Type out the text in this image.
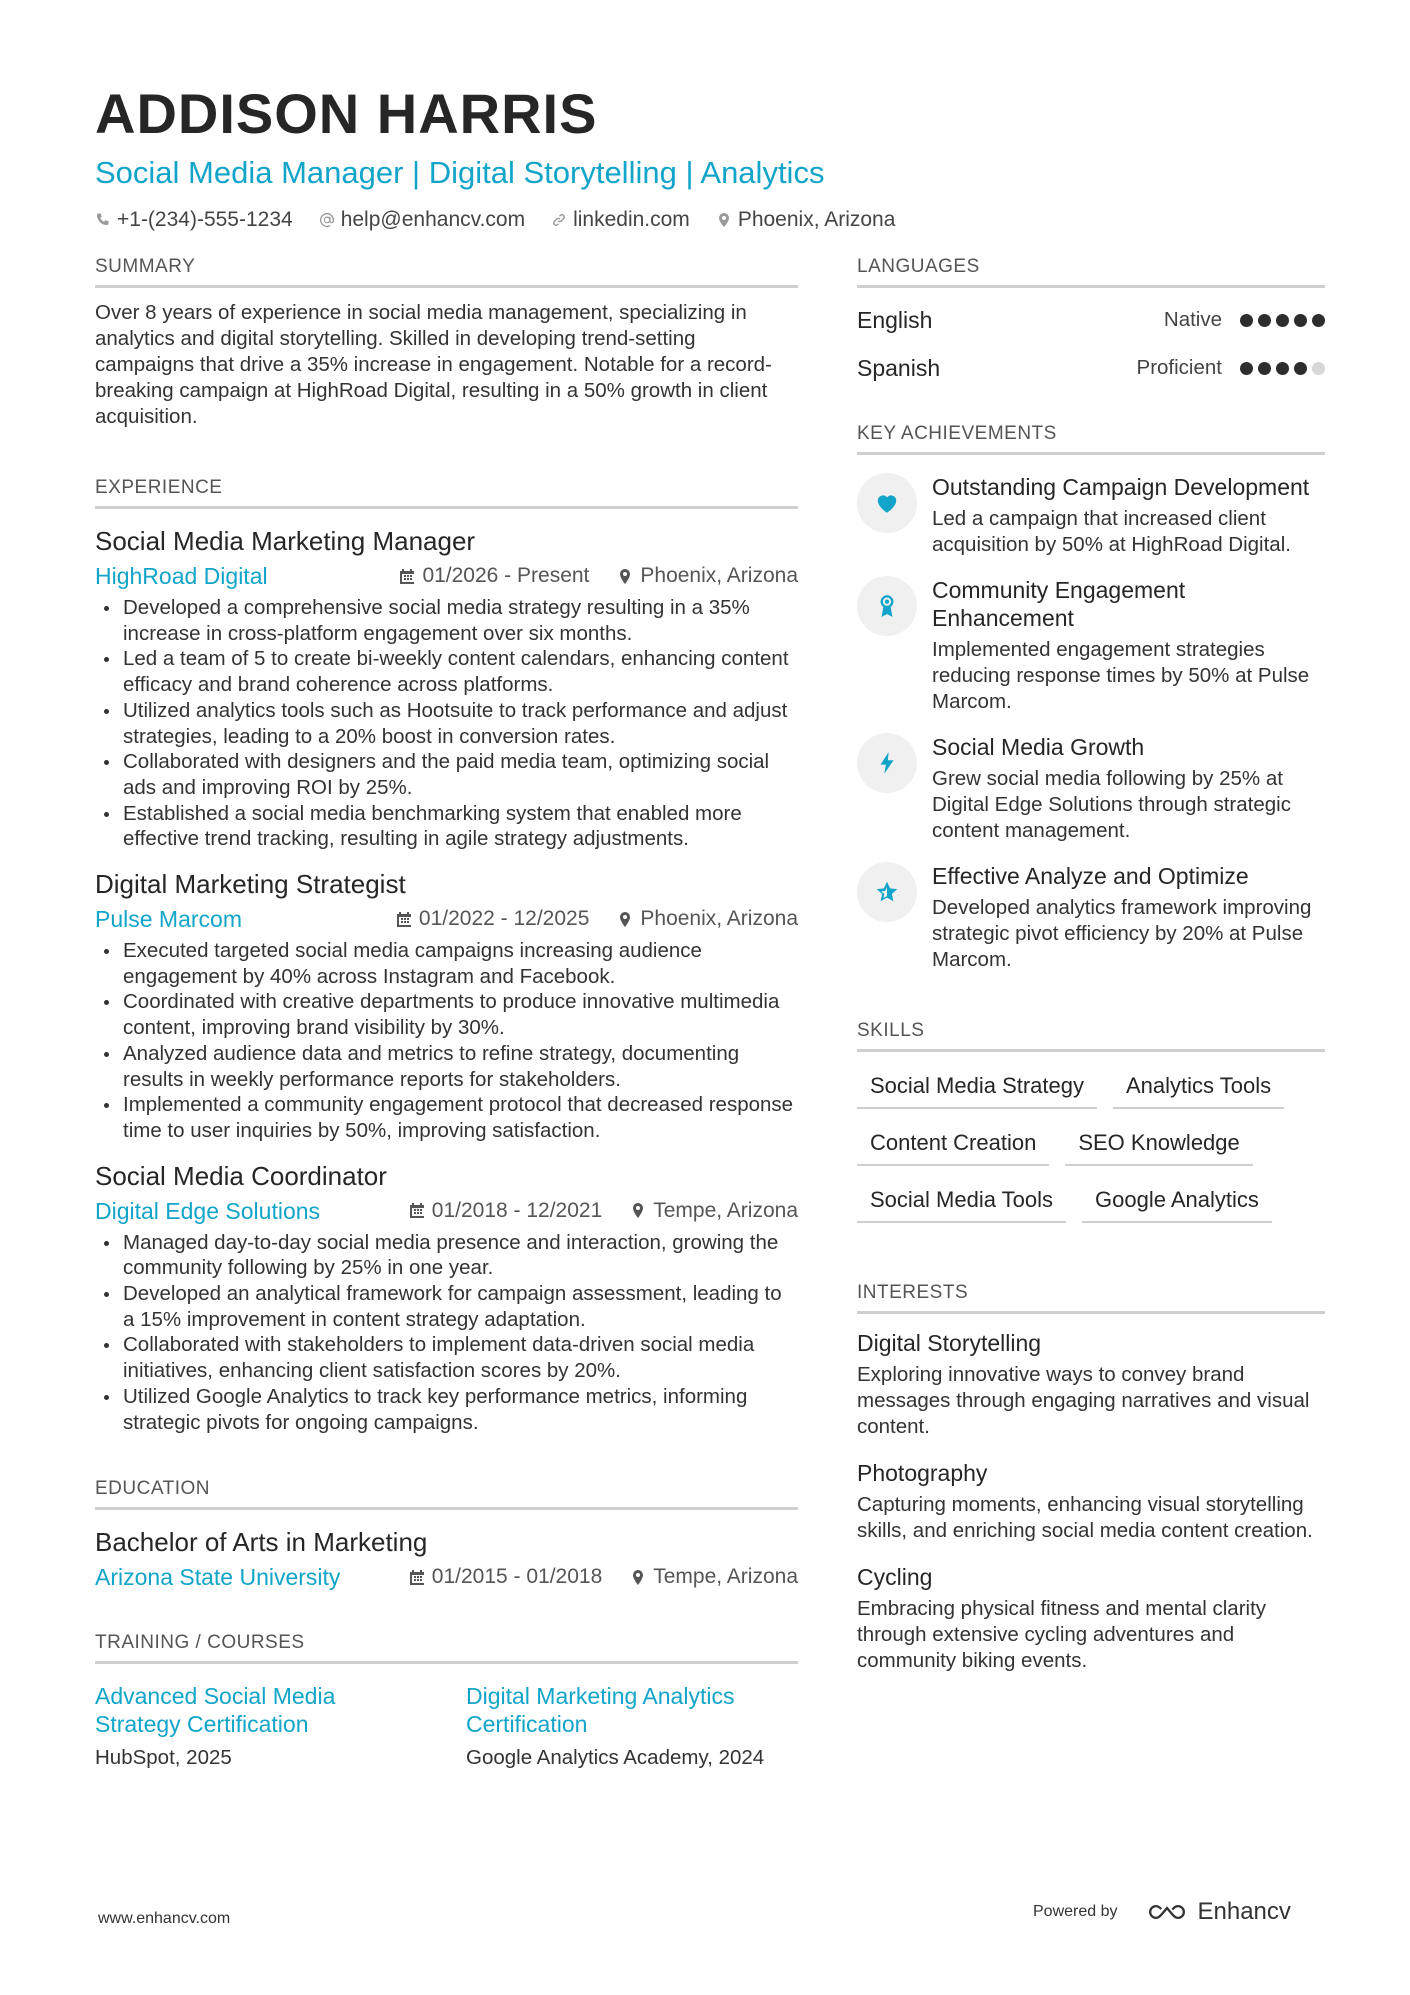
ADDISON HARRIS
Social Media Manager | Digital Storytelling | Analytics
+1-(234)-555-1234 help@enhancv.com linkedin.com Phoenix, Arizona
SUMMARY
Over 8 years of experience in social media management, specializing in analytics and digital storytelling. Skilled in developing trend-setting campaigns that drive a 35% increase in engagement. Notable for a record-breaking campaign at HighRoad Digital, resulting in a 50% growth in client acquisition.
EXPERIENCE
Social Media Marketing Manager
HighRoad Digital	01/2026 - Present Phoenix, Arizona
Developed a comprehensive social media strategy resulting in a 35% increase in cross-platform engagement over six months.
Led a team of 5 to create bi-weekly content calendars, enhancing content efficacy and brand coherence across platforms.
Utilized analytics tools such as Hootsuite to track performance and adjust strategies, leading to a 20% boost in conversion rates.
Collaborated with designers and the paid media team, optimizing social ads and improving ROI by 25%.
Established a social media benchmarking system that enabled more effective trend tracking, resulting in agile strategy adjustments.
Digital Marketing Strategist
Pulse Marcom	01/2022 - 12/2025 Phoenix, Arizona
Executed targeted social media campaigns increasing audience engagement by 40% across Instagram and Facebook.
Coordinated with creative departments to produce innovative multimedia content, improving brand visibility by 30%.
Analyzed audience data and metrics to refine strategy, documenting results in weekly performance reports for stakeholders.
Implemented a community engagement protocol that decreased response time to user inquiries by 50%, improving satisfaction.
Social Media Coordinator
Digital Edge Solutions	01/2018 - 12/2021 Tempe, Arizona
Managed day-to-day social media presence and interaction, growing the community following by 25% in one year.
Developed an analytical framework for campaign assessment, leading to a 15% improvement in content strategy adaptation.
Collaborated with stakeholders to implement data-driven social media initiatives, enhancing client satisfaction scores by 20%.
Utilized Google Analytics to track key performance metrics, informing strategic pivots for ongoing campaigns.
EDUCATION
Bachelor of Arts in Marketing
Arizona State University	01/2015 - 01/2018 Tempe, Arizona
TRAINING / COURSES
Advanced Social Media Strategy Certification
HubSpot, 2025
Digital Marketing Analytics Certification
Google Analytics Academy, 2024
LANGUAGES
English	Native
Spanish	Proficient
KEY ACHIEVEMENTS
Outstanding Campaign Development
Led a campaign that increased client acquisition by 50% at HighRoad Digital.
Community Engagement Enhancement
Implemented engagement strategies reducing response times by 50% at Pulse Marcom.
Social Media Growth
Grew social media following by 25% at Digital Edge Solutions through strategic content management.
Effective Analyze and Optimize
Developed analytics framework improving strategic pivot efficiency by 20% at Pulse Marcom.
SKILLS
Social Media Strategy	Analytics Tools
Content Creation	SEO Knowledge
Social Media Tools	Google Analytics
INTERESTS
Digital Storytelling
Exploring innovative ways to convey brand messages through engaging narratives and visual content.
Photography
Capturing moments, enhancing visual storytelling skills, and enriching social media content creation.
Cycling
Embracing physical fitness and mental clarity through extensive cycling adventures and community biking events.
www.enhancv.com	Powered by	Enhancv
